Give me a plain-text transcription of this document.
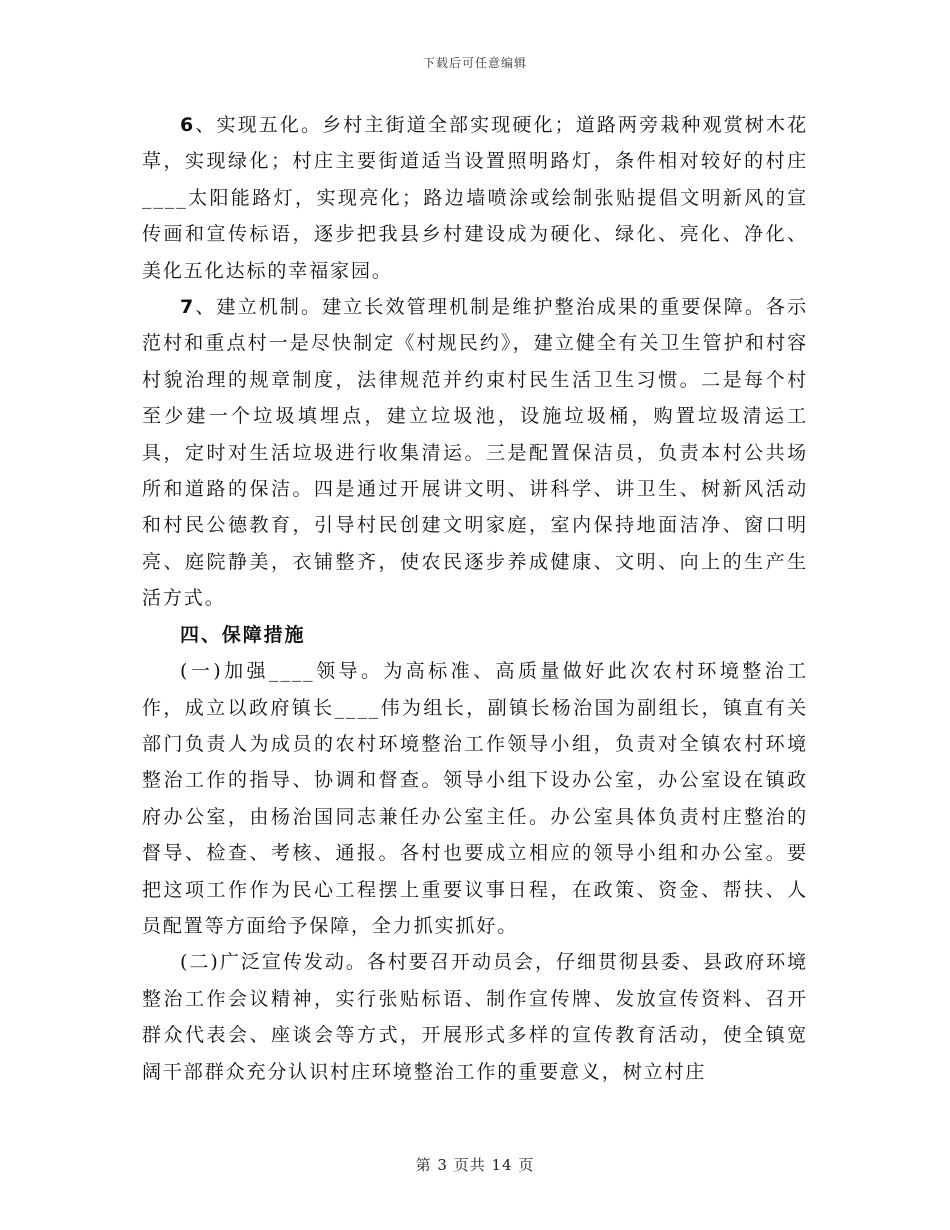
下载后可任意编辑

6、实现五化。乡村主街道全部实现硬化；道路两旁栽种观赏树木花草，实现绿化；村庄主要街道适当设置照明路灯，条件相对较好的村庄____太阳能路灯，实现亮化；路边墙喷涂或绘制张贴提倡文明新风的宣传画和宣传标语，逐步把我县乡村建设成为硬化、绿化、亮化、净化、美化五化达标的幸福家园。

7、建立机制。建立长效管理机制是维护整治成果的重要保障。各示范村和重点村一是尽快制定《村规民约》，建立健全有关卫生管护和村容村貌治理的规章制度，法律规范并约束村民生活卫生习惯。二是每个村至少建一个垃圾填埋点，建立垃圾池，设施垃圾桶，购置垃圾清运工具，定时对生活垃圾进行收集清运。三是配置保洁员，负责本村公共场所和道路的保洁。四是通过开展讲文明、讲科学、讲卫生、树新风活动和村民公德教育，引导村民创建文明家庭，室内保持地面洁净、窗口明亮、庭院静美，衣铺整齐，使农民逐步养成健康、文明、向上的生产生活方式。

四、保障措施

(一)加强____领导。为高标准、高质量做好此次农村环境整治工作，成立以政府镇长____伟为组长，副镇长杨治国为副组长，镇直有关部门负责人为成员的农村环境整治工作领导小组，负责对全镇农村环境整治工作的指导、协调和督查。领导小组下设办公室，办公室设在镇政府办公室，由杨治国同志兼任办公室主任。办公室具体负责村庄整治的督导、检查、考核、通报。各村也要成立相应的领导小组和办公室。要把这项工作作为民心工程摆上重要议事日程，在政策、资金、帮扶、人员配置等方面给予保障，全力抓实抓好。

(二)广泛宣传发动。各村要召开动员会，仔细贯彻县委、县政府环境整治工作会议精神，实行张贴标语、制作宣传牌、发放宣传资料、召开群众代表会、座谈会等方式，开展形式多样的宣传教育活动，使全镇宽阔干部群众充分认识村庄环境整治工作的重要意义，树立村庄

第 3 页共 14 页
